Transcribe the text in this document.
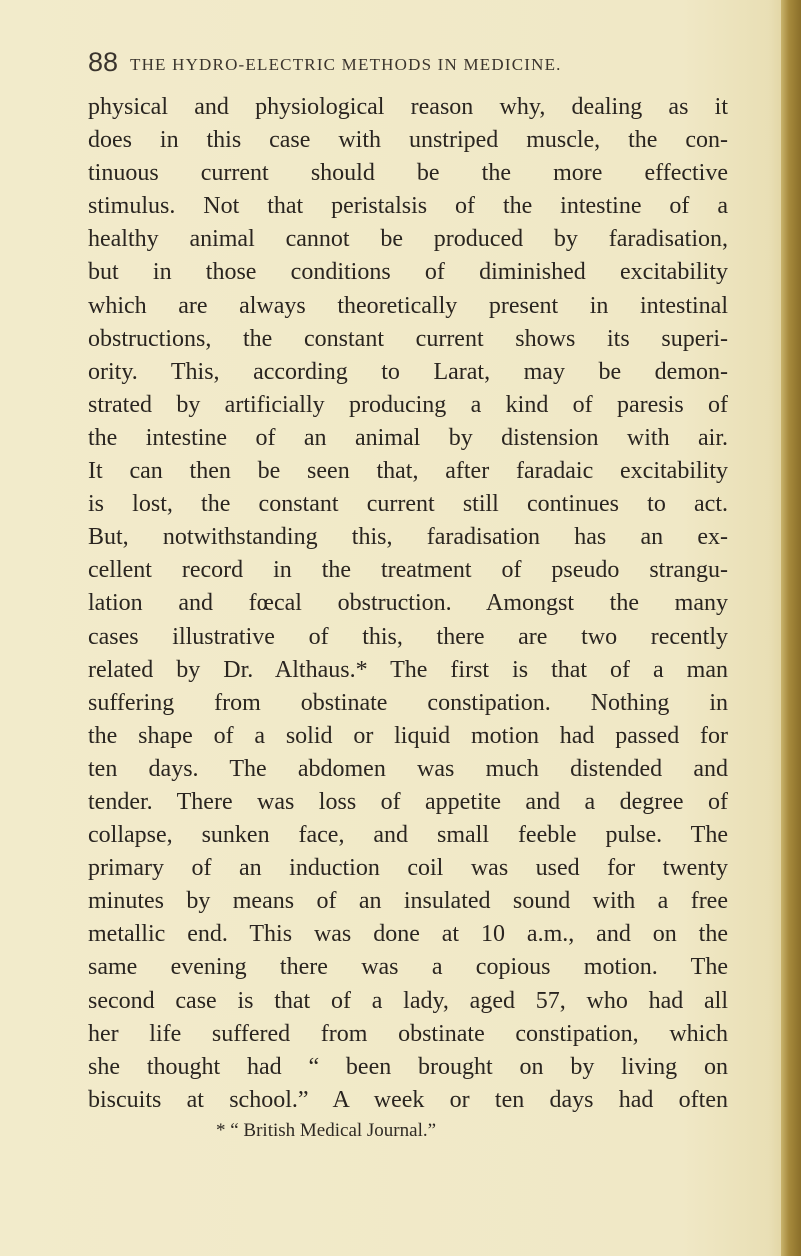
88 THE HYDRO-ELECTRIC METHODS IN MEDICINE.
physical and physiological reason why, dealing as it
does in this case with unstriped muscle, the con-
tinuous current should be the more effective
stimulus. Not that peristalsis of the intestine of a
healthy animal cannot be produced by faradisation,
but in those conditions of diminished excitability
which are always theoretically present in intestinal
obstructions, the constant current shows its superi-
ority. This, according to Larat, may be demon-
strated by artificially producing a kind of paresis of
the intestine of an animal by distension with air.
It can then be seen that, after faradaic excitability
is lost, the constant current still continues to act.
But, notwithstanding this, faradisation has an ex-
cellent record in the treatment of pseudo strangu-
lation and fœcal obstruction. Amongst the many
cases illustrative of this, there are two recently
related by Dr. Althaus.* The first is that of a man
suffering from obstinate constipation. Nothing in
the shape of a solid or liquid motion had passed for
ten days. The abdomen was much distended and
tender. There was loss of appetite and a degree of
collapse, sunken face, and small feeble pulse. The
primary of an induction coil was used for twenty
minutes by means of an insulated sound with a free
metallic end. This was done at 10 a.m., and on the
same evening there was a copious motion. The
second case is that of a lady, aged 57, who had all
her life suffered from obstinate constipation, which
she thought had “ been brought on by living on
biscuits at school.” A week or ten days had often
* “ British Medical Journal.”
